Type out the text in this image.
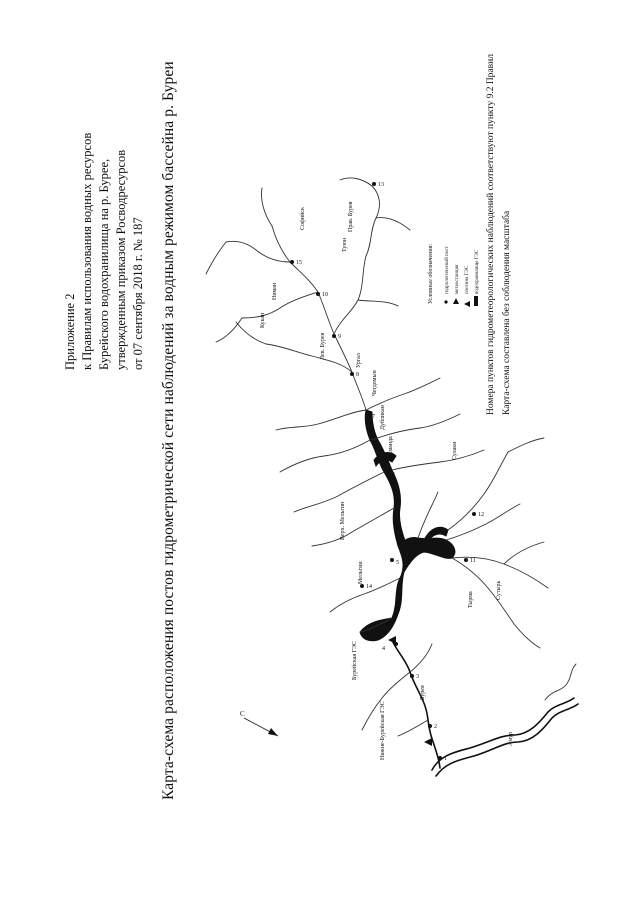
Приложение 2 к Правилам использования водных ресурсов Бурейского водохранилища на р. Бурее, утвержденным приказом Росводресурсов от 07 сентября 2018 г. № 187 Карта-схема расположения постов гидрометрической сети наблюдений за водным режимом бассейна р. Буреи	Номера пунктов гидрометеорологических наблюдений соответствуют пункту 9.2 Правил Карта-схема составлена без соблюдения масштаба
1
2
3
4
5
6
7
8
9
10
11
12
13
14
15
Амур
Бурея
Тырма
Ниман
Верх. Мельгин
Ургал
Сулаки
Дубликан
Аманда
Чегдомын
Лев. Бурея
Прав. Бурея
Софийск
Кукан
Туюн
Мельгин
Сутырь
Бурейская ГЭС
Нижне-Бурейская ГЭС
С
Условные обозначения: гидрологический пост метеостанция плотина ГЭС водохранилище ГЭС
